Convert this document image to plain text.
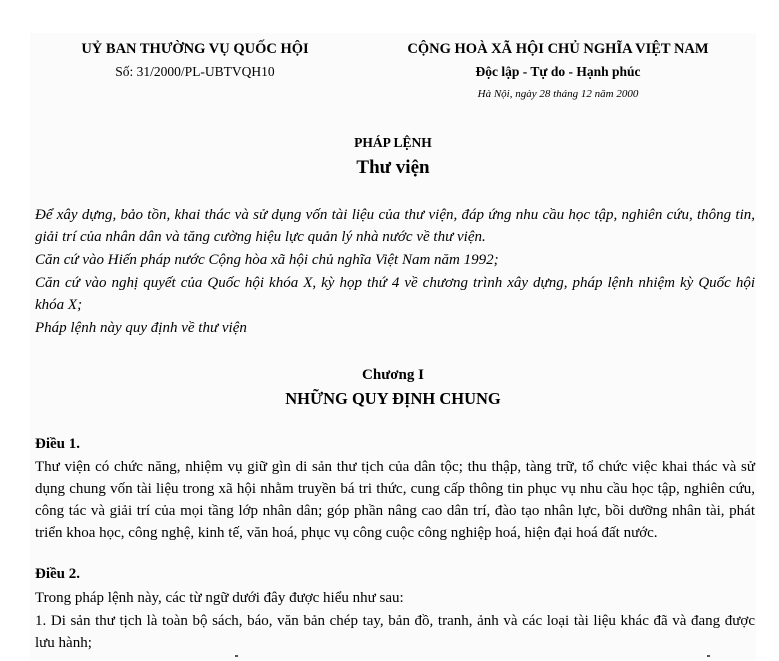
UỶ BAN THƯỜNG VỤ QUỐC HỘI
Số: 31/2000/PL-UBTVQH10
CỘNG HOÀ XÃ HỘI CHỦ NGHĨA VIỆT NAM
Độc lập - Tự do - Hạnh phúc
Hà Nội, ngày 28 tháng 12 năm 2000
PHÁP LỆNH
Thư viện
Để xây dựng, bảo tồn, khai thác và sử dụng vốn tài liệu của thư viện, đáp ứng nhu cầu học tập, nghiên cứu, thông tin, giải trí của nhân dân và tăng cường hiệu lực quản lý nhà nước về thư viện.
Căn cứ vào Hiến pháp nước Cộng hòa xã hội chủ nghĩa Việt Nam năm 1992;
Căn cứ vào nghị quyết của Quốc hội khóa X, kỳ họp thứ 4 về chương trình xây dựng, pháp lệnh nhiệm kỳ Quốc hội khóa X;
Pháp lệnh này quy định về thư viện
Chương I
NHỮNG QUY ĐỊNH CHUNG
Điều 1.
Thư viện có chức năng, nhiệm vụ giữ gìn di sản thư tịch của dân tộc; thu thập, tàng trữ, tổ chức việc khai thác và sử dụng chung vốn tài liệu trong xã hội nhằm truyền bá tri thức, cung cấp thông tin phục vụ nhu cầu học tập, nghiên cứu, công tác và giải trí của mọi tầng lớp nhân dân; góp phần nâng cao dân trí, đào tạo nhân lực, bồi dưỡng nhân tài, phát triển khoa học, công nghệ, kinh tế, văn hoá, phục vụ công cuộc công nghiệp hoá, hiện đại hoá đất nước.
Điều 2.
Trong pháp lệnh này, các từ ngữ dưới đây được hiểu như sau:
1. Di sản thư tịch là toàn bộ sách, báo, văn bản chép tay, bản đồ, tranh, ảnh và các loại tài liệu khác đã và đang được lưu hành;
